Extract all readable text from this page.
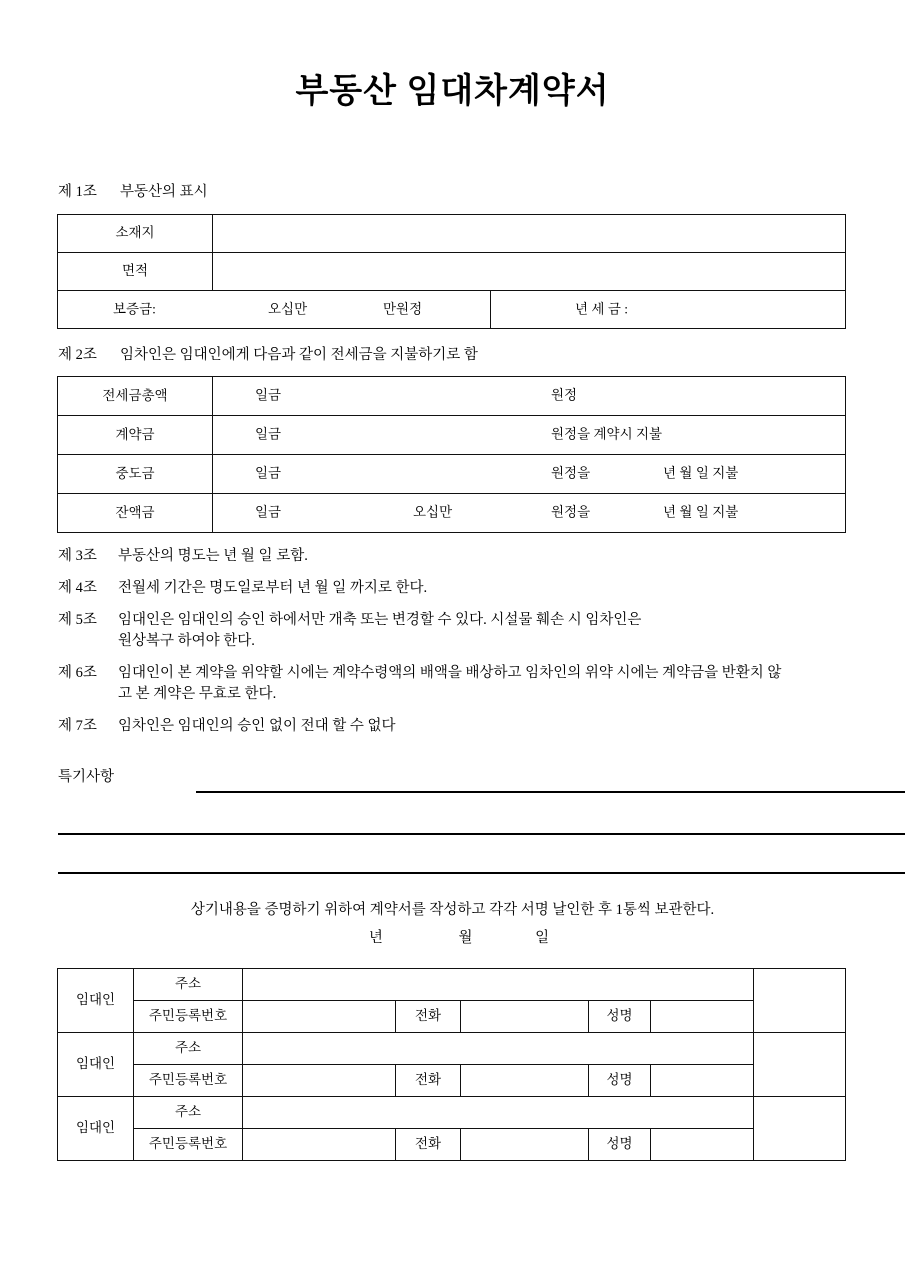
부동산 임대차계약서
제 1조 부동산의 표시
소재지		
면적		

보증금: 오십만 만원정		년 세 금 :
제 2조 임차인은 임대인에게 다음과 같이 전세금을 지불하기로 함
전세금총액	일금 원정

계약금	일금 원정을 계약시 지불

중도금	일금 원정을 년 월 일 지불

잔액금	일금 오십만 원정을 년 월 일 지불
제 3조	부동산의 명도는 년 월 일 로함.
제 4조	전월세 기간은 명도일로부터 년 월 일 까지로 한다.
제 5조	임대인은 임대인의 승인 하에서만 개축 또는 변경할 수 있다. 시설물 훼손 시 임차인은
원상복구 하여야 한다.
제 6조	임대인이 본 계약을 위약할 시에는 계약수령액의 배액을 배상하고 임차인의 위약 시에는 계약금을 반환치 않
고 본 계약은 무효로 한다.
제 7조	임차인은 임대인의 승인 없이 전대 할 수 없다
특기사항
상기내용을 증명하기 위하여 계약서를 작성하고 각각 서명 날인한 후 1통씩 보관한다.
년	월	일
임대인	주소						
	주민등록번호		전화		성명		
임대인	주소						
	주민등록번호		전화		성명		
임대인	주소						
	주민등록번호		전화		성명		
